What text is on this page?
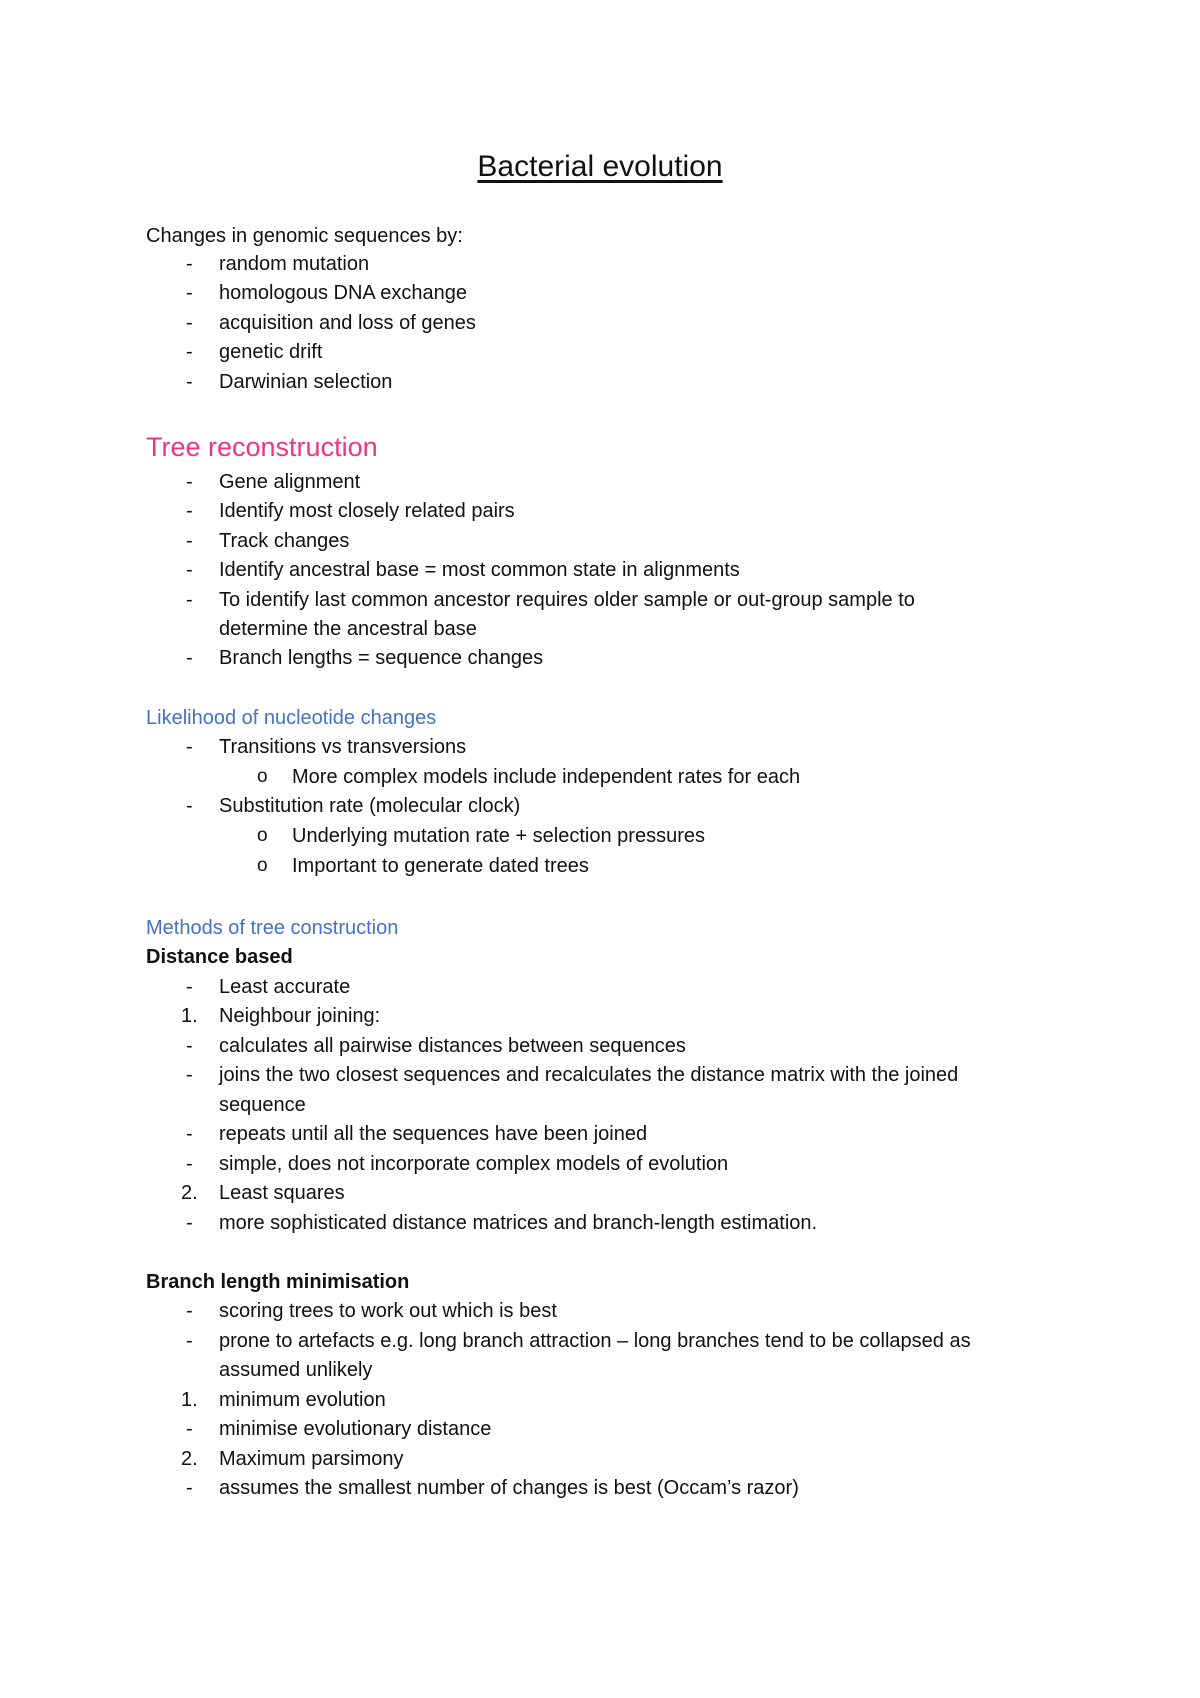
Bacterial evolution
Changes in genomic sequences by:
- random mutation
- homologous DNA exchange
- acquisition and loss of genes
- genetic drift
- Darwinian selection
Tree reconstruction
- Gene alignment
- Identify most closely related pairs
- Track changes
- Identify ancestral base = most common state in alignments
- To identify last common ancestor requires older sample or out-group sample to
determine the ancestral base
- Branch lengths = sequence changes
Likelihood of nucleotide changes
- Transitions vs transversions
o More complex models include independent rates for each
- Substitution rate (molecular clock)
o Underlying mutation rate + selection pressures
o Important to generate dated trees
Methods of tree construction
Distance based
- Least accurate
1. Neighbour joining:
- calculates all pairwise distances between sequences
- joins the two closest sequences and recalculates the distance matrix with the joined
sequence
- repeats until all the sequences have been joined
- simple, does not incorporate complex models of evolution
2. Least squares
- more sophisticated distance matrices and branch-length estimation.
Branch length minimisation
- scoring trees to work out which is best
- prone to artefacts e.g. long branch attraction – long branches tend to be collapsed as
assumed unlikely
1. minimum evolution
- minimise evolutionary distance
2. Maximum parsimony
- assumes the smallest number of changes is best (Occam’s razor)
